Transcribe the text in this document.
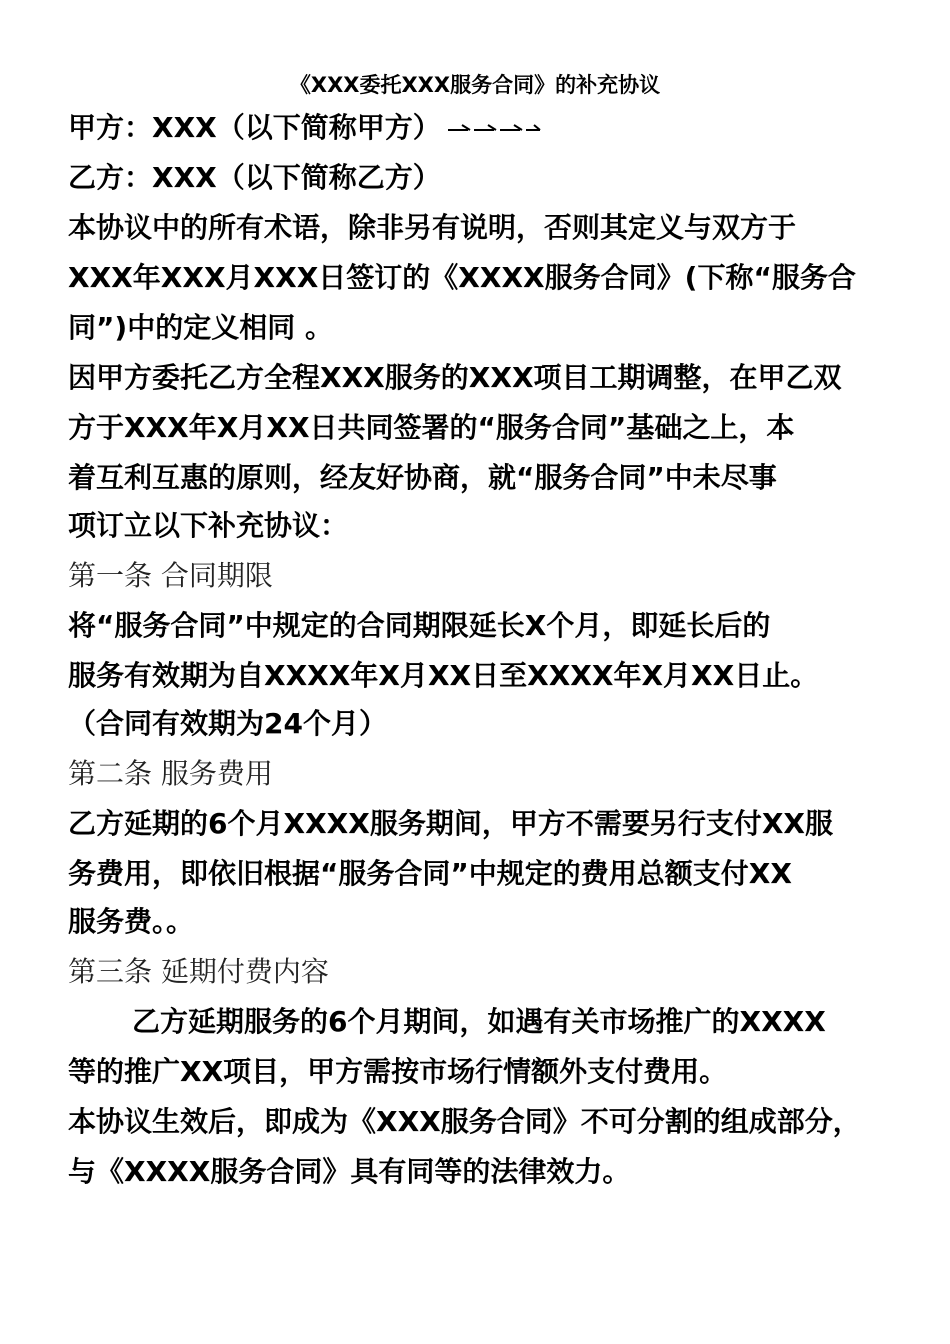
《XXX委托XXX服务合同》的补充协议
甲方：XXX（以下简称甲方）
乙方：XXX（以下简称乙方）
本协议中的所有术语，除非另有说明，否则其定义与双方于
XXX年XXX月XXX日签订的《XXXX服务合同》(下称“服务合
同”)中的定义相同 。
因甲方委托乙方全程XXX服务的XXX项目工期调整，在甲乙双
方于XXX年X月XX日共同签署的“服务合同”基础之上，本
着互利互惠的原则，经友好协商，就“服务合同”中未尽事
项订立以下补充协议：
第一条 合同期限
将“服务合同”中规定的合同期限延长X个月，即延长后的
服务有效期为自XXXX年X月XX日至XXXX年X月XX日止。
（合同有效期为24个月）
第二条 服务费用
乙方延期的6个月XXXX服务期间，甲方不需要另行支付XX服
务费用，即依旧根据“服务合同”中规定的费用总额支付XX
服务费。。
第三条 延期付费内容
乙方延期服务的6个月期间，如遇有关市场推广的XXXX
等的推广XX项目，甲方需按市场行情额外支付费用。
本协议生效后，即成为《XXX服务合同》不可分割的组成部分，
与《XXXX服务合同》具有同等的法律效力。
